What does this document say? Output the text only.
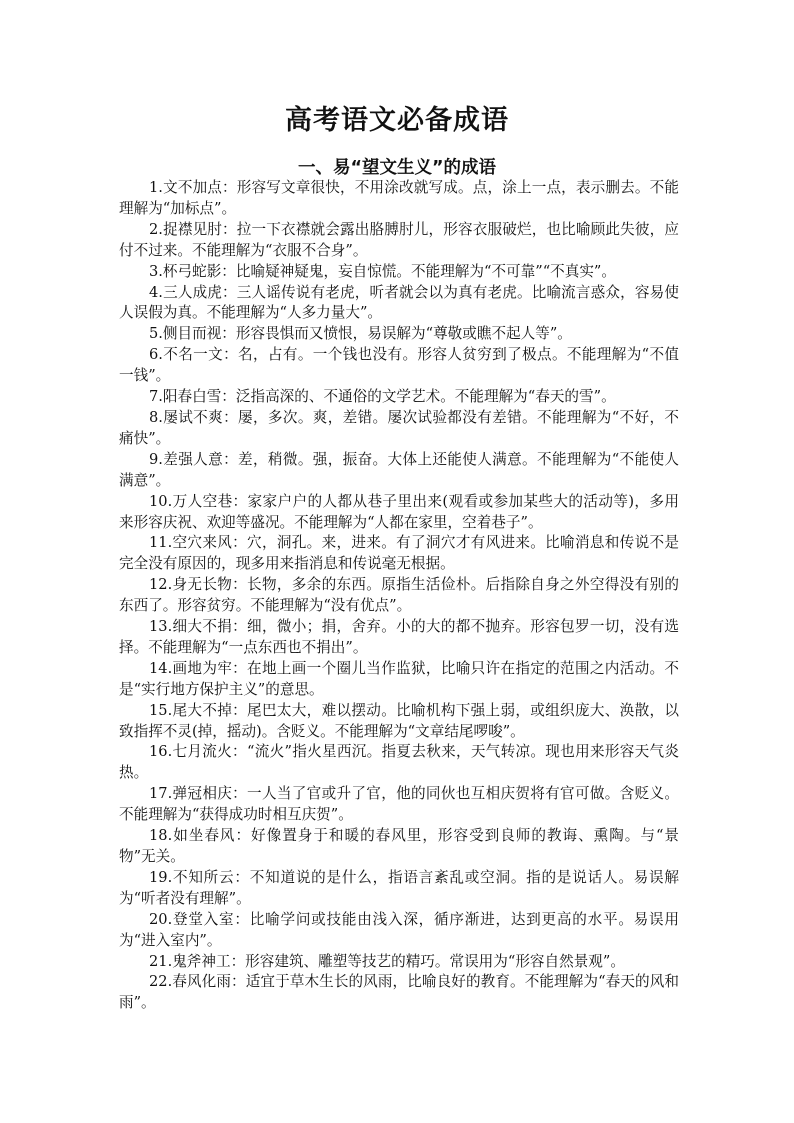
高考语文必备成语
一、易“望文生义”的成语

1.文不加点：形容写文章很快，不用涂改就写成。点，涂上一点，表示删去。不能理解为“加标点”。

2.捉襟见肘：拉一下衣襟就会露出胳膊肘儿，形容衣服破烂，也比喻顾此失彼，应付不过来。不能理解为“衣服不合身”。

3.杯弓蛇影：比喻疑神疑鬼，妄自惊慌。不能理解为“不可靠”“不真实”。

4.三人成虎：三人谣传说有老虎，听者就会以为真有老虎。比喻流言惑众，容易使人误假为真。不能理解为“人多力量大”。

5.侧目而视：形容畏惧而又愤恨，易误解为“尊敬或瞧不起人等”。

6.不名一文：名，占有。一个钱也没有。形容人贫穷到了极点。不能理解为“不值一钱”。

7.阳春白雪：泛指高深的、不通俗的文学艺术。不能理解为“春天的雪”。

8.屡试不爽：屡，多次。爽，差错。屡次试验都没有差错。不能理解为“不好，不痛快”。

9.差强人意：差，稍微。强，振奋。大体上还能使人满意。不能理解为“不能使人满意”。

10.万人空巷：家家户户的人都从巷子里出来(观看或参加某些大的活动等)，多用来形容庆祝、欢迎等盛况。不能理解为“人都在家里，空着巷子”。

11.空穴来风：穴，洞孔。来，进来。有了洞穴才有风进来。比喻消息和传说不是完全没有原因的，现多用来指消息和传说毫无根据。

12.身无长物：长物，多余的东西。原指生活俭朴。后指除自身之外空得没有别的东西了。形容贫穷。不能理解为“没有优点”。

13.细大不捐：细，微小；捐，舍弃。小的大的都不抛弃。形容包罗一切，没有选择。不能理解为“一点东西也不捐出”。

14.画地为牢：在地上画一个圈儿当作监狱，比喻只许在指定的范围之内活动。不是“实行地方保护主义”的意思。

15.尾大不掉：尾巴太大，难以摆动。比喻机构下强上弱，或组织庞大、涣散，以致指挥不灵(掉，摇动)。含贬义。不能理解为“文章结尾啰唆”。

16.七月流火：“流火”指火星西沉。指夏去秋来，天气转凉。现也用来形容天气炎热。

17.弹冠相庆：一人当了官或升了官，他的同伙也互相庆贺将有官可做。含贬义。不能理解为“获得成功时相互庆贺”。

18.如坐春风：好像置身于和暖的春风里，形容受到良师的教诲、熏陶。与“景物”无关。

19.不知所云：不知道说的是什么，指语言紊乱或空洞。指的是说话人。易误解为“听者没有理解”。

20.登堂入室：比喻学问或技能由浅入深，循序渐进，达到更高的水平。易误用为“进入室内”。

21.鬼斧神工：形容建筑、雕塑等技艺的精巧。常误用为“形容自然景观”。

22.春风化雨：适宜于草木生长的风雨，比喻良好的教育。不能理解为“春天的风和雨”。
